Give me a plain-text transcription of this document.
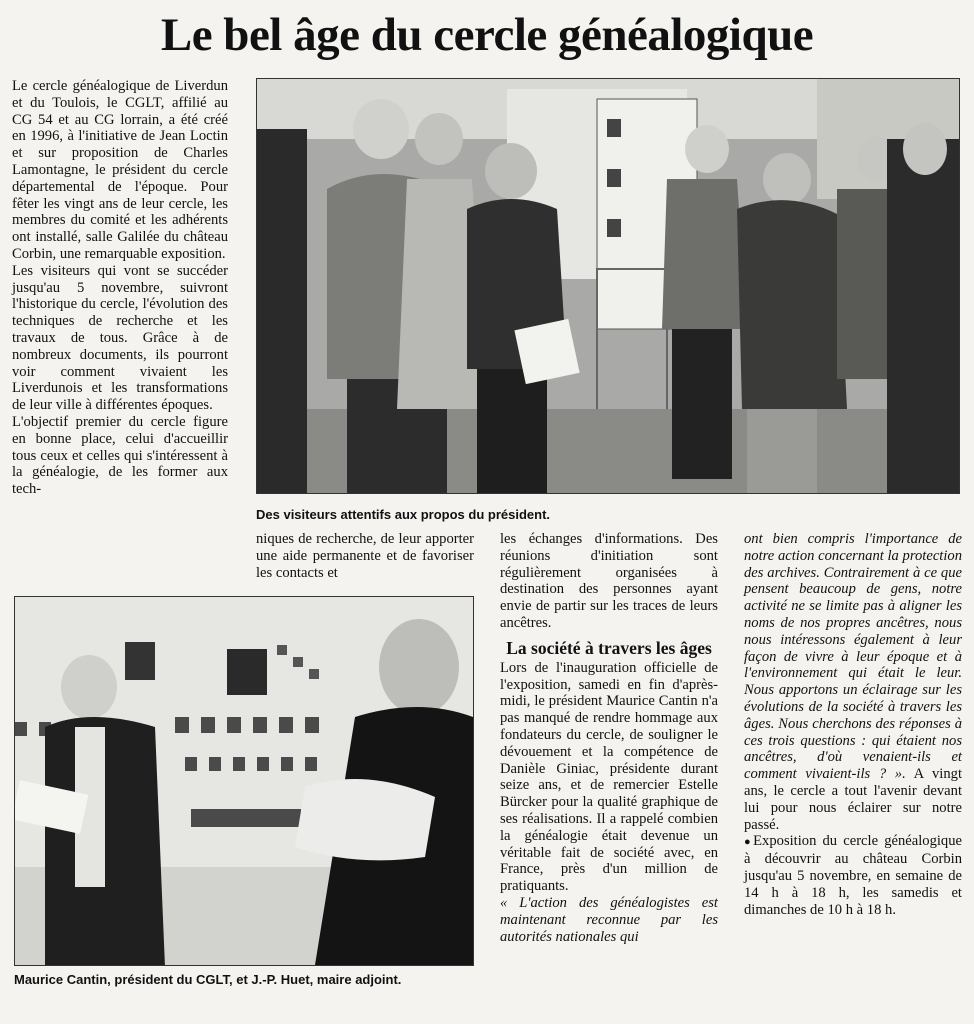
Le bel âge du cercle généalogique

Le cercle généalogique de Liverdun et du Toulois, le CGLT, affilié au CG 54 et au CG lorrain, a été créé en 1996, à l'initiative de Jean Loctin et sur proposition de Charles Lamontagne, le président du cercle départemental de l'époque. Pour fêter les vingt ans de leur cercle, les membres du comité et les adhérents ont installé, salle Galilée du château Corbin, une remarquable exposition.

Les visiteurs qui vont se succéder jusqu'au 5 novembre, suivront l'historique du cercle, l'évolution des techniques de recherche et les travaux de tous. Grâce à de nombreux documents, ils pourront voir comment vivaient les Liverdunois et les transformations de leur ville à différentes époques.

L'objectif premier du cercle figure en bonne place, celui d'accueillir tous ceux et celles qui s'intéressent à la généalogie, de les former aux tech-

Des visiteurs attentifs aux propos du président.

niques de recherche, de leur apporter une aide permanente et de favoriser les contacts et

les échanges d'informations. Des réunions d'initiation sont régulièrement organisées à destination des personnes ayant envie de partir sur les traces de leurs ancêtres.

La société à travers les âges

Lors de l'inauguration officielle de l'exposition, samedi en fin d'après-midi, le président Maurice Cantin n'a pas manqué de rendre hommage aux fondateurs du cercle, de souligner le dévouement et la compétence de Danièle Giniac, présidente durant seize ans, et de remercier Estelle Bürcker pour la qualité graphique de ses réalisations. Il a rappelé combien la généalogie était devenue un véritable fait de société avec, en France, près d'un million de pratiquants.

« L'action des généalogistes est maintenant reconnue par les autorités nationales qui

ont bien compris l'importance de notre action concernant la protection des archives. Contrairement à ce que pensent beaucoup de gens, notre activité ne se limite pas à aligner les noms de nos propres ancêtres, nous nous intéressons également à leur façon de vivre à leur époque et à l'environnement qui était le leur. Nous apportons un éclairage sur les évolutions de la société à travers les âges. Nous cherchons des réponses à ces trois questions : qui étaient nos ancêtres, d'où venaient-ils et comment vivaient-ils ? ». A vingt ans, le cercle a tout l'avenir devant lui pour nous éclairer sur notre passé.

●Exposition du cercle généalogique à découvrir au château Corbin jusqu'au 5 novembre, en semaine de 14 h à 18 h, les samedis et dimanches de 10 h à 18 h.

Maurice Cantin, président du CGLT, et J.-P. Huet, maire adjoint.
